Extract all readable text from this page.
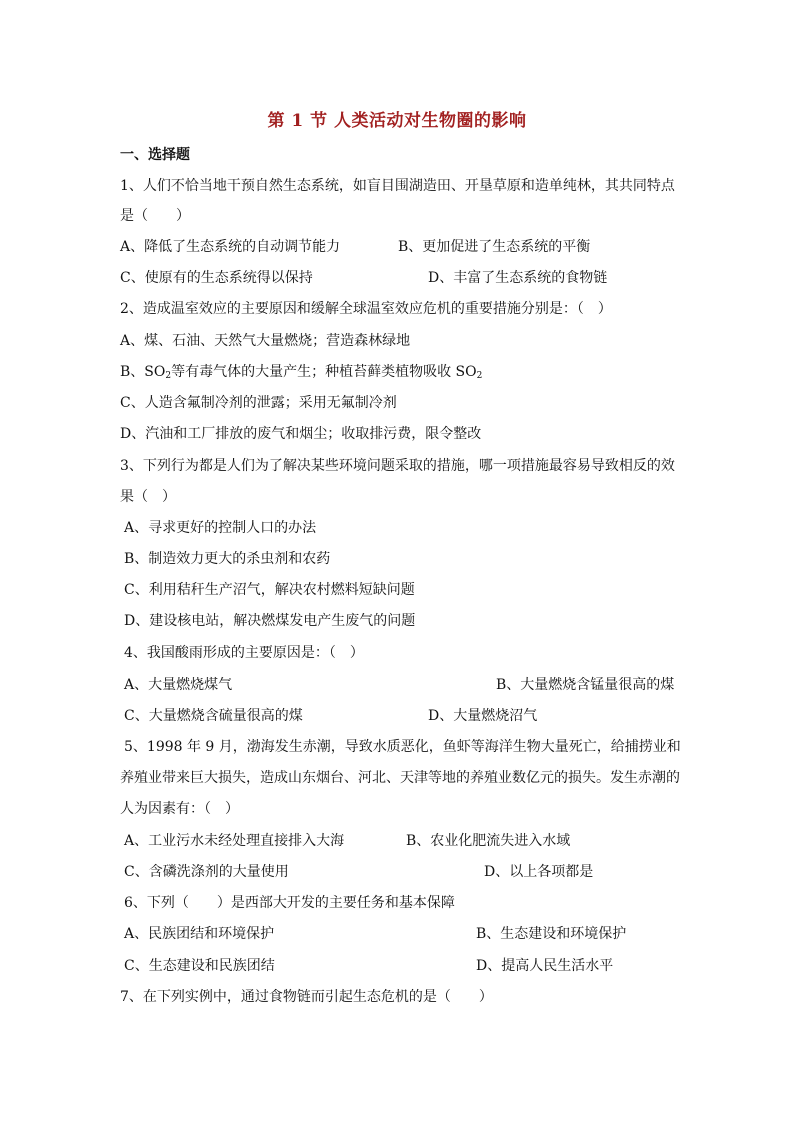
第 1 节 人类活动对生物圈的影响
一、选择题
1、人们不恰当地干预自然生态系统，如盲目围湖造田、开垦草原和造单纯林，其共同特点
是（　　）
A、降低了生态系统的自动调节能力	B、更加促进了生态系统的平衡
C、使原有的生态系统得以保持	D、丰富了生态系统的食物链
2、造成温室效应的主要原因和缓解全球温室效应危机的重要措施分别是：（　）
A、煤、石油、天然气大量燃烧；营造森林绿地
B、$SO_2$等有毒气体的大量产生；种植苔藓类植物吸收 $SO_2$
C、人造含氟制冷剂的泄露；采用无氟制冷剂
D、汽油和工厂排放的废气和烟尘；收取排污费，限令整改
3、下列行为都是人们为了解决某些环境问题采取的措施，哪一项措施最容易导致相反的效
果（　）
A、寻求更好的控制人口的办法
B、制造效力更大的杀虫剂和农药
C、利用秸秆生产沼气，解决农村燃料短缺问题
D、建设核电站，解决燃煤发电产生废气的问题
4、我国酸雨形成的主要原因是：（　）
A、大量燃烧煤气	B、大量燃烧含锰量很高的煤
C、大量燃烧含硫量很高的煤	D、大量燃烧沼气
5、1998 年 9 月，渤海发生赤潮，导致水质恶化，鱼虾等海洋生物大量死亡，给捕捞业和
养殖业带来巨大损失，造成山东烟台、河北、天津等地的养殖业数亿元的损失。发生赤潮的
人为因素有：（　）
A、工业污水未经处理直接排入大海	B、农业化肥流失进入水域
C、含磷洗涤剂的大量使用	D、以上各项都是
6、下列（　　）是西部大开发的主要任务和基本保障
A、民族团结和环境保护	B、生态建设和环境保护
C、生态建设和民族团结	D、提高人民生活水平
7、在下列实例中，通过食物链而引起生态危机的是（　　）
